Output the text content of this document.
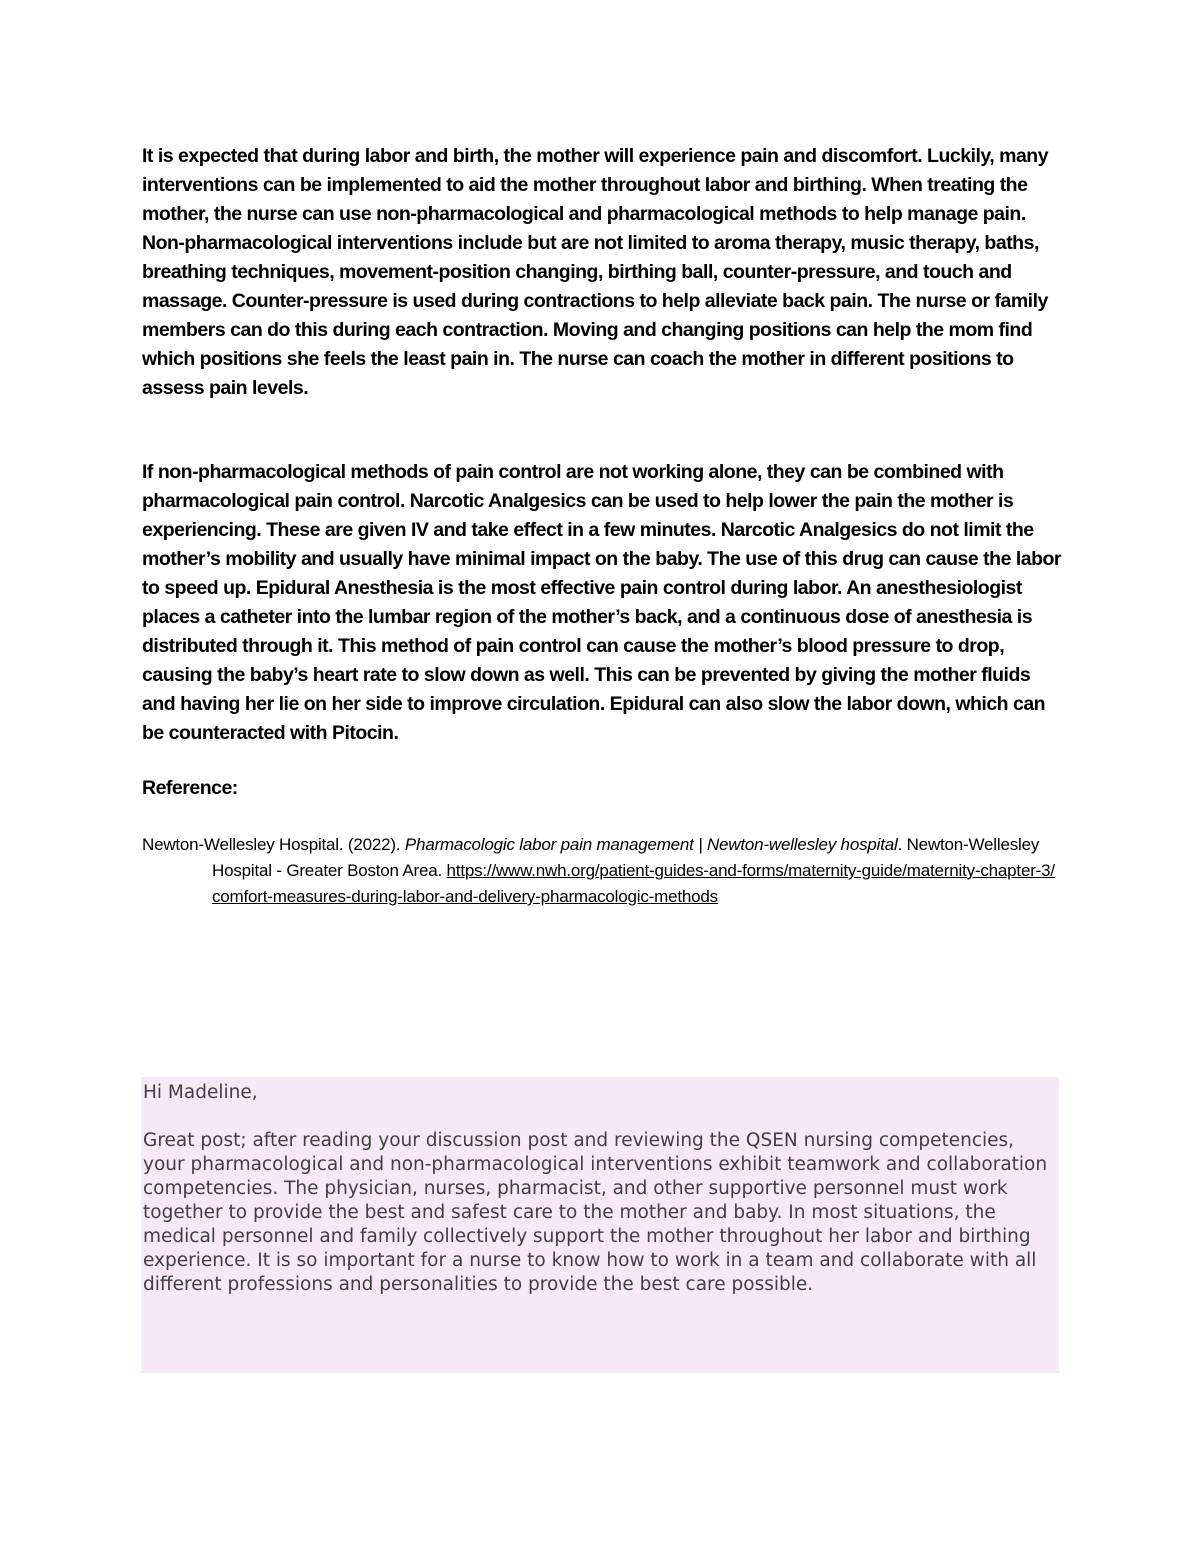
It is expected that during labor and birth, the mother will experience pain and discomfort. Luckily, many interventions can be implemented to aid the mother throughout labor and birthing. When treating the mother, the nurse can use non-pharmacological and pharmacological methods to help manage pain. Non-pharmacological interventions include but are not limited to aroma therapy, music therapy, baths, breathing techniques, movement-position changing, birthing ball, counter-pressure, and touch and massage. Counter-pressure is used during contractions to help alleviate back pain. The nurse or family members can do this during each contraction. Moving and changing positions can help the mom find which positions she feels the least pain in. The nurse can coach the mother in different positions to assess pain levels.

If non-pharmacological methods of pain control are not working alone, they can be combined with pharmacological pain control. Narcotic Analgesics can be used to help lower the pain the mother is experiencing. These are given IV and take effect in a few minutes. Narcotic Analgesics do not limit the mother’s mobility and usually have minimal impact on the baby. The use of this drug can cause the labor to speed up. Epidural Anesthesia is the most effective pain control during labor. An anesthesiologist places a catheter into the lumbar region of the mother’s back, and a continuous dose of anesthesia is distributed through it. This method of pain control can cause the mother’s blood pressure to drop, causing the baby’s heart rate to slow down as well. This can be prevented by giving the mother fluids and having her lie on her side to improve circulation. Epidural can also slow the labor down, which can be counteracted with Pitocin.

Reference:

Newton-Wellesley Hospital. (2022). Pharmacologic labor pain management | Newton-wellesley hospital. Newton-Wellesley Hospital - Greater Boston Area. https://www.nwh.org/patient-guides-and-forms/maternity-guide/maternity-chapter-3/comfort-measures-during-labor-and-delivery-pharmacologic-methods

Hi Madeline,

Great post; after reading your discussion post and reviewing the QSEN nursing competencies, your pharmacological and non-pharmacological interventions exhibit teamwork and collaboration competencies. The physician, nurses, pharmacist, and other supportive personnel must work together to provide the best and safest care to the mother and baby. In most situations, the medical personnel and family collectively support the mother throughout her labor and birthing experience. It is so important for a nurse to know how to work in a team and collaborate with all different professions and personalities to provide the best care possible.
